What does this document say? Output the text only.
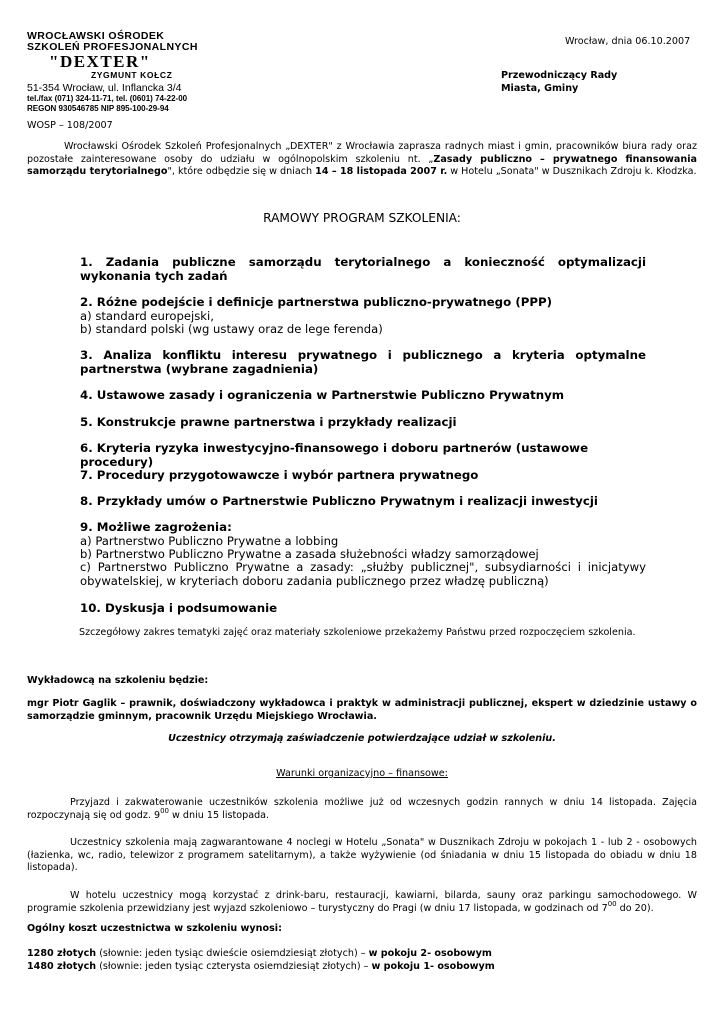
WROCŁAWSKI OŚRODEK
SZKOLEŃ PROFESJONALNYCH
"DEXTER"
ZYGMUNT KOŁCZ
51-354 Wrocław, ul. Inflancka 3/4
tel./fax (071) 324-11-71, tel. (0601) 74-22-00
REGON 930546785 NIP 895-100-29-94
Wrocław, dnia 06.10.2007
Przewodniczący Rady
Miasta, Gminy
WOSP – 108/2007
Wrocławski Ośrodek Szkoleń Profesjonalnych „DEXTER" z Wrocławia zaprasza radnych miast i gmin, pracowników biura rady oraz pozostałe zainteresowane osoby do udziału w ogólnopolskim szkoleniu nt. „Zasady publiczno – prywatnego finansowania samorządu terytorialnego", które odbędzie się w dniach 14 – 18 listopada 2007 r. w Hotelu „Sonata" w Dusznikach Zdroju k. Kłodzka.
RAMOWY PROGRAM SZKOLENIA:
1. Zadania publiczne samorządu terytorialnego a konieczność optymalizacji wykonania tych zadań
2. Różne podejście i definicje partnerstwa publiczno-prywatnego (PPP)
a) standard europejski,
b) standard polski (wg ustawy oraz de lege ferenda)
3. Analiza konfliktu interesu prywatnego i publicznego a kryteria optymalne partnerstwa (wybrane zagadnienia)
4. Ustawowe zasady i ograniczenia w Partnerstwie Publiczno Prywatnym
5. Konstrukcje prawne partnerstwa i przykłady realizacji
6. Kryteria ryzyka inwestycyjno-finansowego i doboru partnerów (ustawowe procedury)
7. Procedury przygotowawcze i wybór partnera prywatnego
8. Przykłady umów o Partnerstwie Publiczno Prywatnym i realizacji inwestycji
9. Możliwe zagrożenia:
a) Partnerstwo Publiczno Prywatne a lobbing
b) Partnerstwo Publiczno Prywatne a zasada służebności władzy samorządowej
c) Partnerstwo Publiczno Prywatne a zasady: „służby publicznej", subsydiarności i inicjatywy obywatelskiej, w kryteriach doboru zadania publicznego przez władzę publiczną)
10. Dyskusja i podsumowanie
Szczegółowy zakres tematyki zajęć oraz materiały szkoleniowe przekażemy Państwu przed rozpoczęciem szkolenia.
Wykładowcą na szkoleniu będzie:
mgr Piotr Gaglik – prawnik, doświadczony wykładowca i praktyk w administracji publicznej, ekspert w dziedzinie ustawy o samorządzie gminnym, pracownik Urzędu Miejskiego Wrocławia.
Uczestnicy otrzymają zaświadczenie potwierdzające udział w szkoleniu.
Warunki organizacyjno – finansowe:
Przyjazd i zakwaterowanie uczestników szkolenia możliwe już od wczesnych godzin rannych w dniu 14 listopada. Zajęcia rozpoczynają się od godz. $9^{00}$ w dniu 15 listopada.
Uczestnicy szkolenia mają zagwarantowane 4 noclegi w Hotelu „Sonata" w Dusznikach Zdroju w pokojach 1 - lub 2 - osobowych (łazienka, wc, radio, telewizor z programem satelitarnym), a także wyżywienie (od śniadania w dniu 15 listopada do obiadu w dniu 18 listopada).
W hotelu uczestnicy mogą korzystać z drink-baru, restauracji, kawiarni, bilarda, sauny oraz parkingu samochodowego. W programie szkolenia przewidziany jest wyjazd szkoleniowo – turystyczny do Pragi (w dniu 17 listopada, w godzinach od $7^{00}$ do 20).
Ogólny koszt uczestnictwa w szkoleniu wynosi:
1280 złotych (słownie: jeden tysiąc dwieście osiemdziesiąt złotych) – w pokoju 2- osobowym
1480 złotych (słownie: jeden tysiąc czterysta osiemdziesiąt złotych) – w pokoju 1- osobowym
